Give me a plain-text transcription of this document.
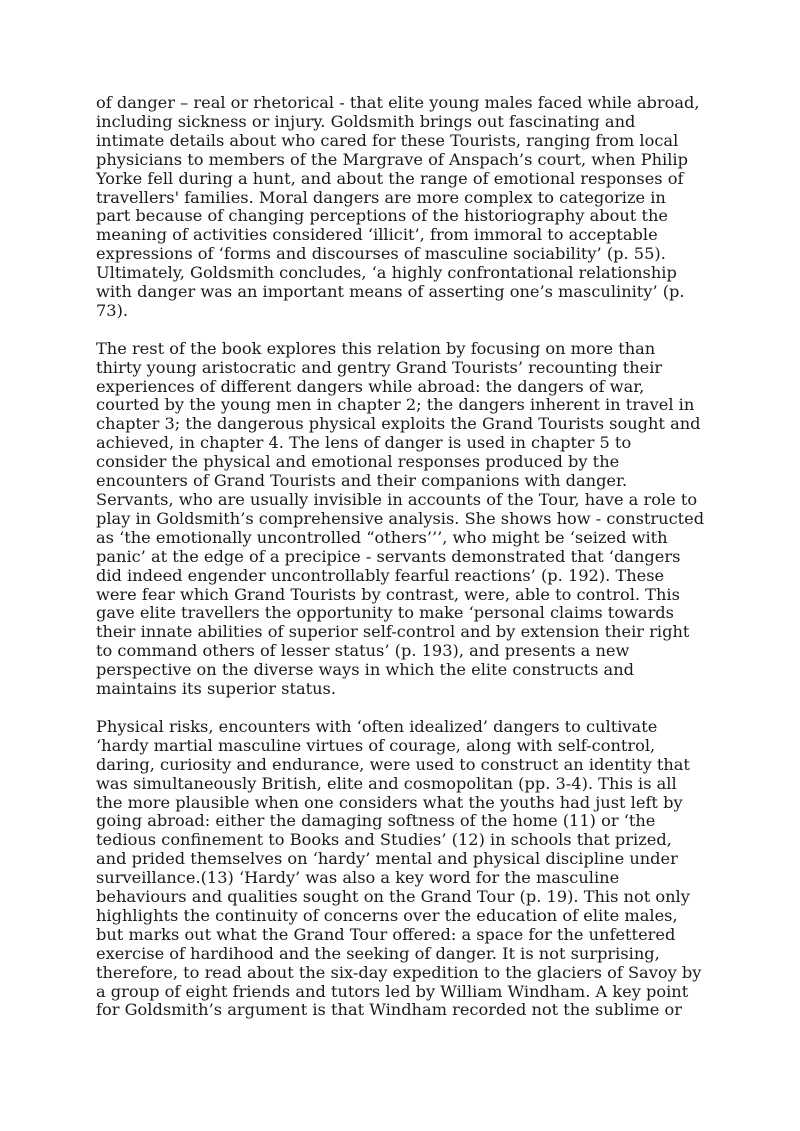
of danger – real or rhetorical - that elite young males faced while abroad,
including sickness or injury. Goldsmith brings out fascinating and
intimate details about who cared for these Tourists, ranging from local
physicians to members of the Margrave of Anspach’s court, when Philip
Yorke fell during a hunt, and about the range of emotional responses of
travellers' families. Moral dangers are more complex to categorize in
part because of changing perceptions of the historiography about the
meaning of activities considered ‘illicit’, from immoral to acceptable
expressions of ‘forms and discourses of masculine sociability’ (p. 55).
Ultimately, Goldsmith concludes, ‘a highly confrontational relationship
with danger was an important means of asserting one’s masculinity’ (p.
73).

The rest of the book explores this relation by focusing on more than
thirty young aristocratic and gentry Grand Tourists’ recounting their
experiences of different dangers while abroad: the dangers of war,
courted by the young men in chapter 2; the dangers inherent in travel in
chapter 3; the dangerous physical exploits the Grand Tourists sought and
achieved, in chapter 4. The lens of danger is used in chapter 5 to
consider the physical and emotional responses produced by the
encounters of Grand Tourists and their companions with danger.
Servants, who are usually invisible in accounts of the Tour, have a role to
play in Goldsmith’s comprehensive analysis. She shows how - constructed
as ‘the emotionally uncontrolled “others’’’, who might be ‘seized with
panic’ at the edge of a precipice - servants demonstrated that ‘dangers
did indeed engender uncontrollably fearful reactions’ (p. 192). These
were fear which Grand Tourists by contrast, were, able to control. This
gave elite travellers the opportunity to make ‘personal claims towards
their innate abilities of superior self-control and by extension their right
to command others of lesser status’ (p. 193), and presents a new
perspective on the diverse ways in which the elite constructs and
maintains its superior status.

Physical risks, encounters with ‘often idealized’ dangers to cultivate
‘hardy martial masculine virtues of courage, along with self-control,
daring, curiosity and endurance, were used to construct an identity that
was simultaneously British, elite and cosmopolitan (pp. 3-4). This is all
the more plausible when one considers what the youths had just left by
going abroad: either the damaging softness of the home (11) or ‘the
tedious confinement to Books and Studies’ (12) in schools that prized,
and prided themselves on ‘hardy’ mental and physical discipline under
surveillance.(13) ‘Hardy’ was also a key word for the masculine
behaviours and qualities sought on the Grand Tour (p. 19). This not only
highlights the continuity of concerns over the education of elite males,
but marks out what the Grand Tour offered: a space for the unfettered
exercise of hardihood and the seeking of danger. It is not surprising,
therefore, to read about the six-day expedition to the glaciers of Savoy by
a group of eight friends and tutors led by William Windham. A key point
for Goldsmith’s argument is that Windham recorded not the sublime or
